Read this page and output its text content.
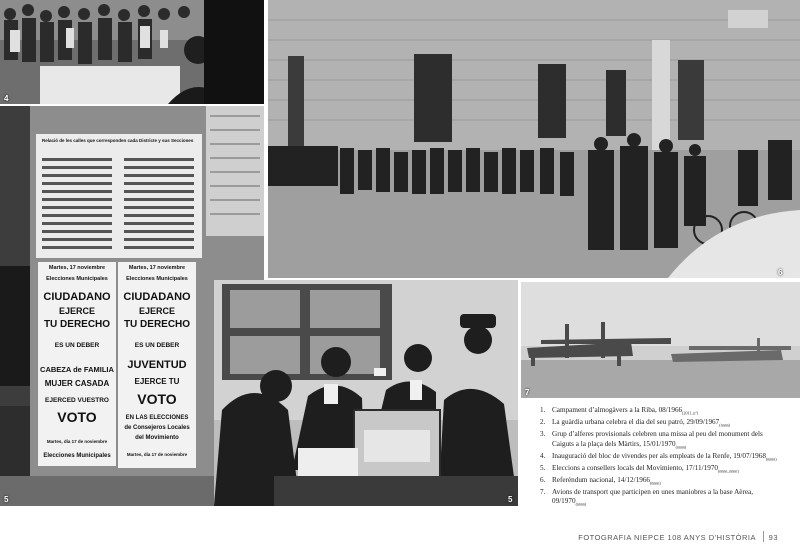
4
6
Relació de les calles que corresponden cada Districte y sus Secciones
Martes, 17 noviembre
Elecciones Municipales
CIUDADANO
EJERCE
TU DERECHO
ES UN DEBER
CABEZA de FAMILIA
MUJER CASADA
EJERCED VUESTRO
VOTO
Martes, día 17 de noviembre
Elecciones Municipales
Martes, 17 noviembre
Elecciones Municipales
CIUDADANO
EJERCE
TU DERECHO
ES UN DEBER
JUVENTUD
EJERCE TU
VOTO
EN LAS ELECCIONES
de Consejeros Locales
del Movimiento
Martes, día 17 de noviembre
5	5
7
1. Campament d’almogàvers a la Riba, $08/1966_{(2011\_n^\circ)}$
2. La guàrdia urbana celebra el dia del seu patró, $29/09/1967_{(nnnn)}$
3. Grup d’alferes provisionals celebren una missa al peu del monument dels Caiguts a la plaça dels Màrtirs, $15/01/1970_{(nnnn)}$
4. Inauguració del bloc de vivendes per als empleats de la Renfe, $19/07/1968_{(nnnn)}$
5. Eleccions a consellers locals del Movimiento, $17/11/1970_{(nnnn\_nnnn)}$
6. Referèndum nacional, $14/12/1966_{(nnnn)}$
7. Avions de transport que participen en unes maniobres a la base Aèrea, $09/1970_{(nnnn)}$
FOTOGRAFIA NIEPCE 108 ANYS D'HISTÒRIA 93
